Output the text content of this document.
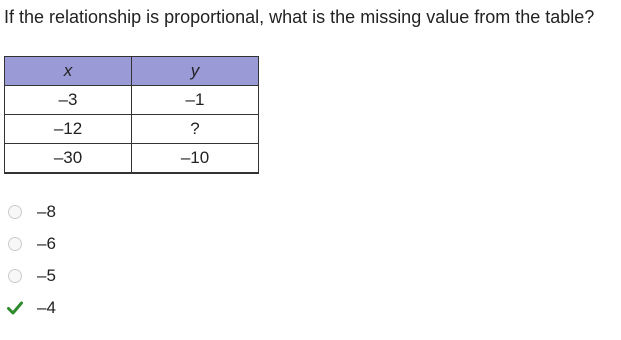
If the relationship is proportional, what is the missing value from the table?
x	y
–3	–1
–12	?
–30	–10
–8
–6
–5
–4
